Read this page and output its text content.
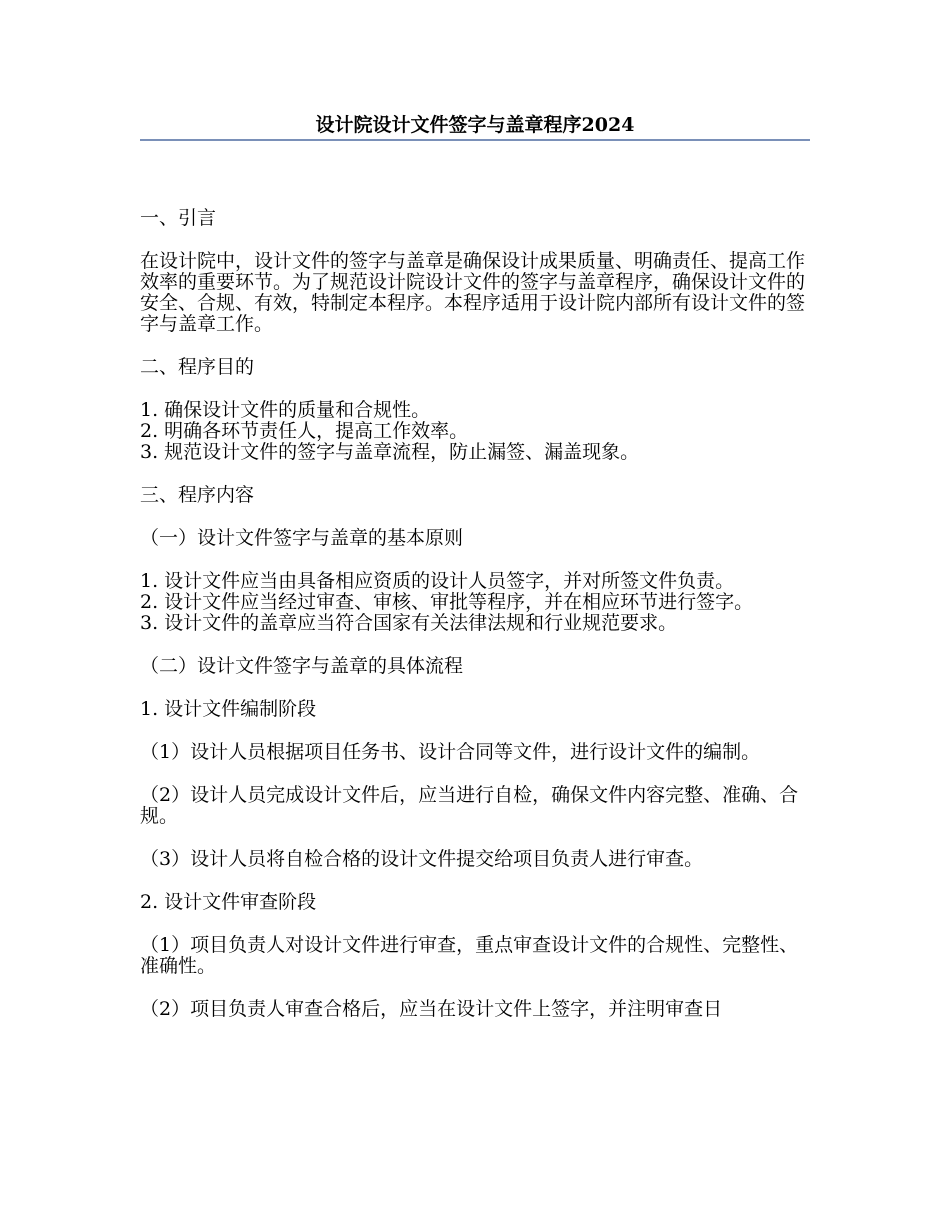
设计院设计文件签字与盖章程序2024

一、引言

在设计院中，设计文件的签字与盖章是确保设计成果质量、明确责任、提高工作效率的重要环节。为了规范设计院设计文件的签字与盖章程序，确保设计文件的安全、合规、有效，特制定本程序。本程序适用于设计院内部所有设计文件的签字与盖章工作。

二、程序目的

1. 确保设计文件的质量和合规性。

2. 明确各环节责任人，提高工作效率。

3. 规范设计文件的签字与盖章流程，防止漏签、漏盖现象。

三、程序内容

（一）设计文件签字与盖章的基本原则

1. 设计文件应当由具备相应资质的设计人员签字，并对所签文件负责。

2. 设计文件应当经过审查、审核、审批等程序，并在相应环节进行签字。

3. 设计文件的盖章应当符合国家有关法律法规和行业规范要求。

（二）设计文件签字与盖章的具体流程

1. 设计文件编制阶段

（1）设计人员根据项目任务书、设计合同等文件，进行设计文件的编制。

（2）设计人员完成设计文件后，应当进行自检，确保文件内容完整、准确、合规。

（3）设计人员将自检合格的设计文件提交给项目负责人进行审查。

2. 设计文件审查阶段

（1）项目负责人对设计文件进行审查，重点审查设计文件的合规性、完整性、准确性。

（2）项目负责人审查合格后，应当在设计文件上签字，并注明审查日
